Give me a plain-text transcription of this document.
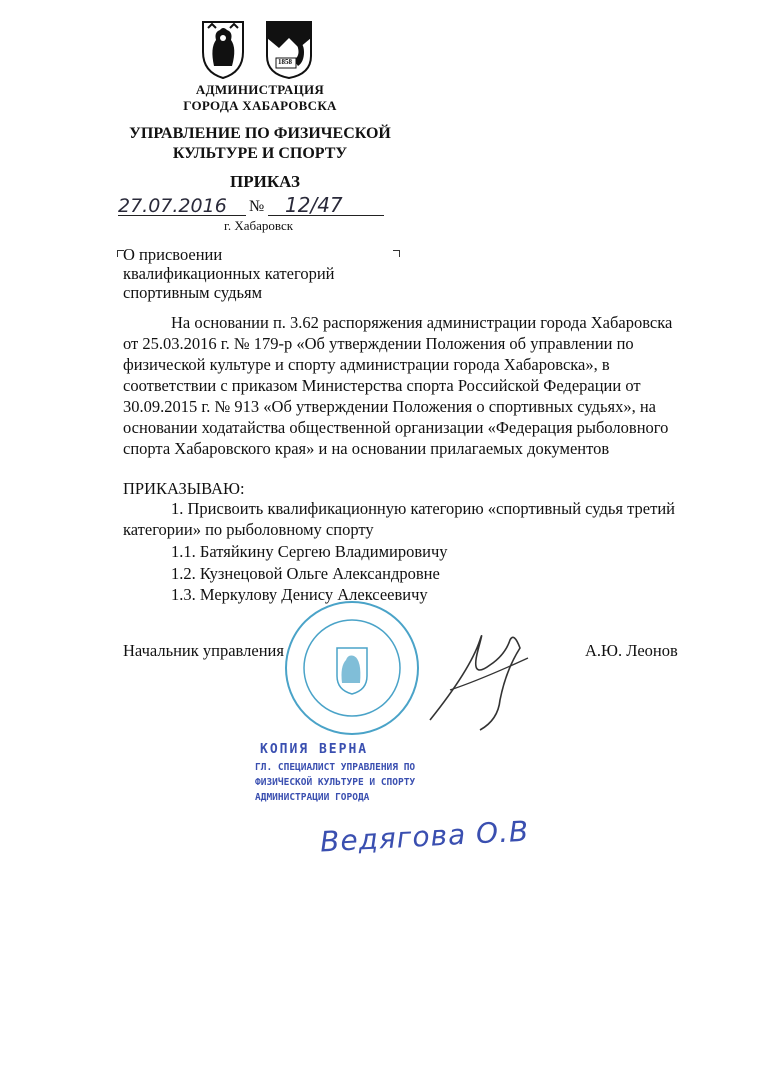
1858
АДМИНИСТРАЦИЯ
ГОРОДА ХАБАРОВСКА
УПРАВЛЕНИЕ ПО ФИЗИЧЕСКОЙ
КУЛЬТУРЕ И СПОРТУ
ПРИКАЗ
27.07.2016 № 12/47
г. Хабаровск
О присвоении
квалификационных категорий
спортивным судьям
На основании п. 3.62 распоряжения администрации города Хабаровска
от 25.03.2016 г. № 179-р «Об утверждении Положения об управлении по
физической культуре и спорту администрации города Хабаровска», в
соответствии с приказом Министерства спорта Российской Федерации от
30.09.2015 г. № 913 «Об утверждении Положения о спортивных судьях», на
основании ходатайства общественной организации «Федерация рыболовного
спорта Хабаровского края» и на основании прилагаемых документов
ПРИКАЗЫВАЮ:
1. Присвоить квалификационную категорию «спортивный судья третий
категории» по рыболовному спорту
1.1. Батяйкину Сергею Владимировичу
1.2. Кузнецовой Ольге Александровне
1.3. Меркулову Денису Алексеевичу
Начальник управления	А.Ю. Леонов
КОПИЯ ВЕРНА
ГЛ. СПЕЦИАЛИСТ УПРАВЛЕНИЯ ПО
ФИЗИЧЕСКОЙ КУЛЬТУРЕ И СПОРТУ
АДМИНИСТРАЦИИ ГОРОДА
Ведягова О.В
